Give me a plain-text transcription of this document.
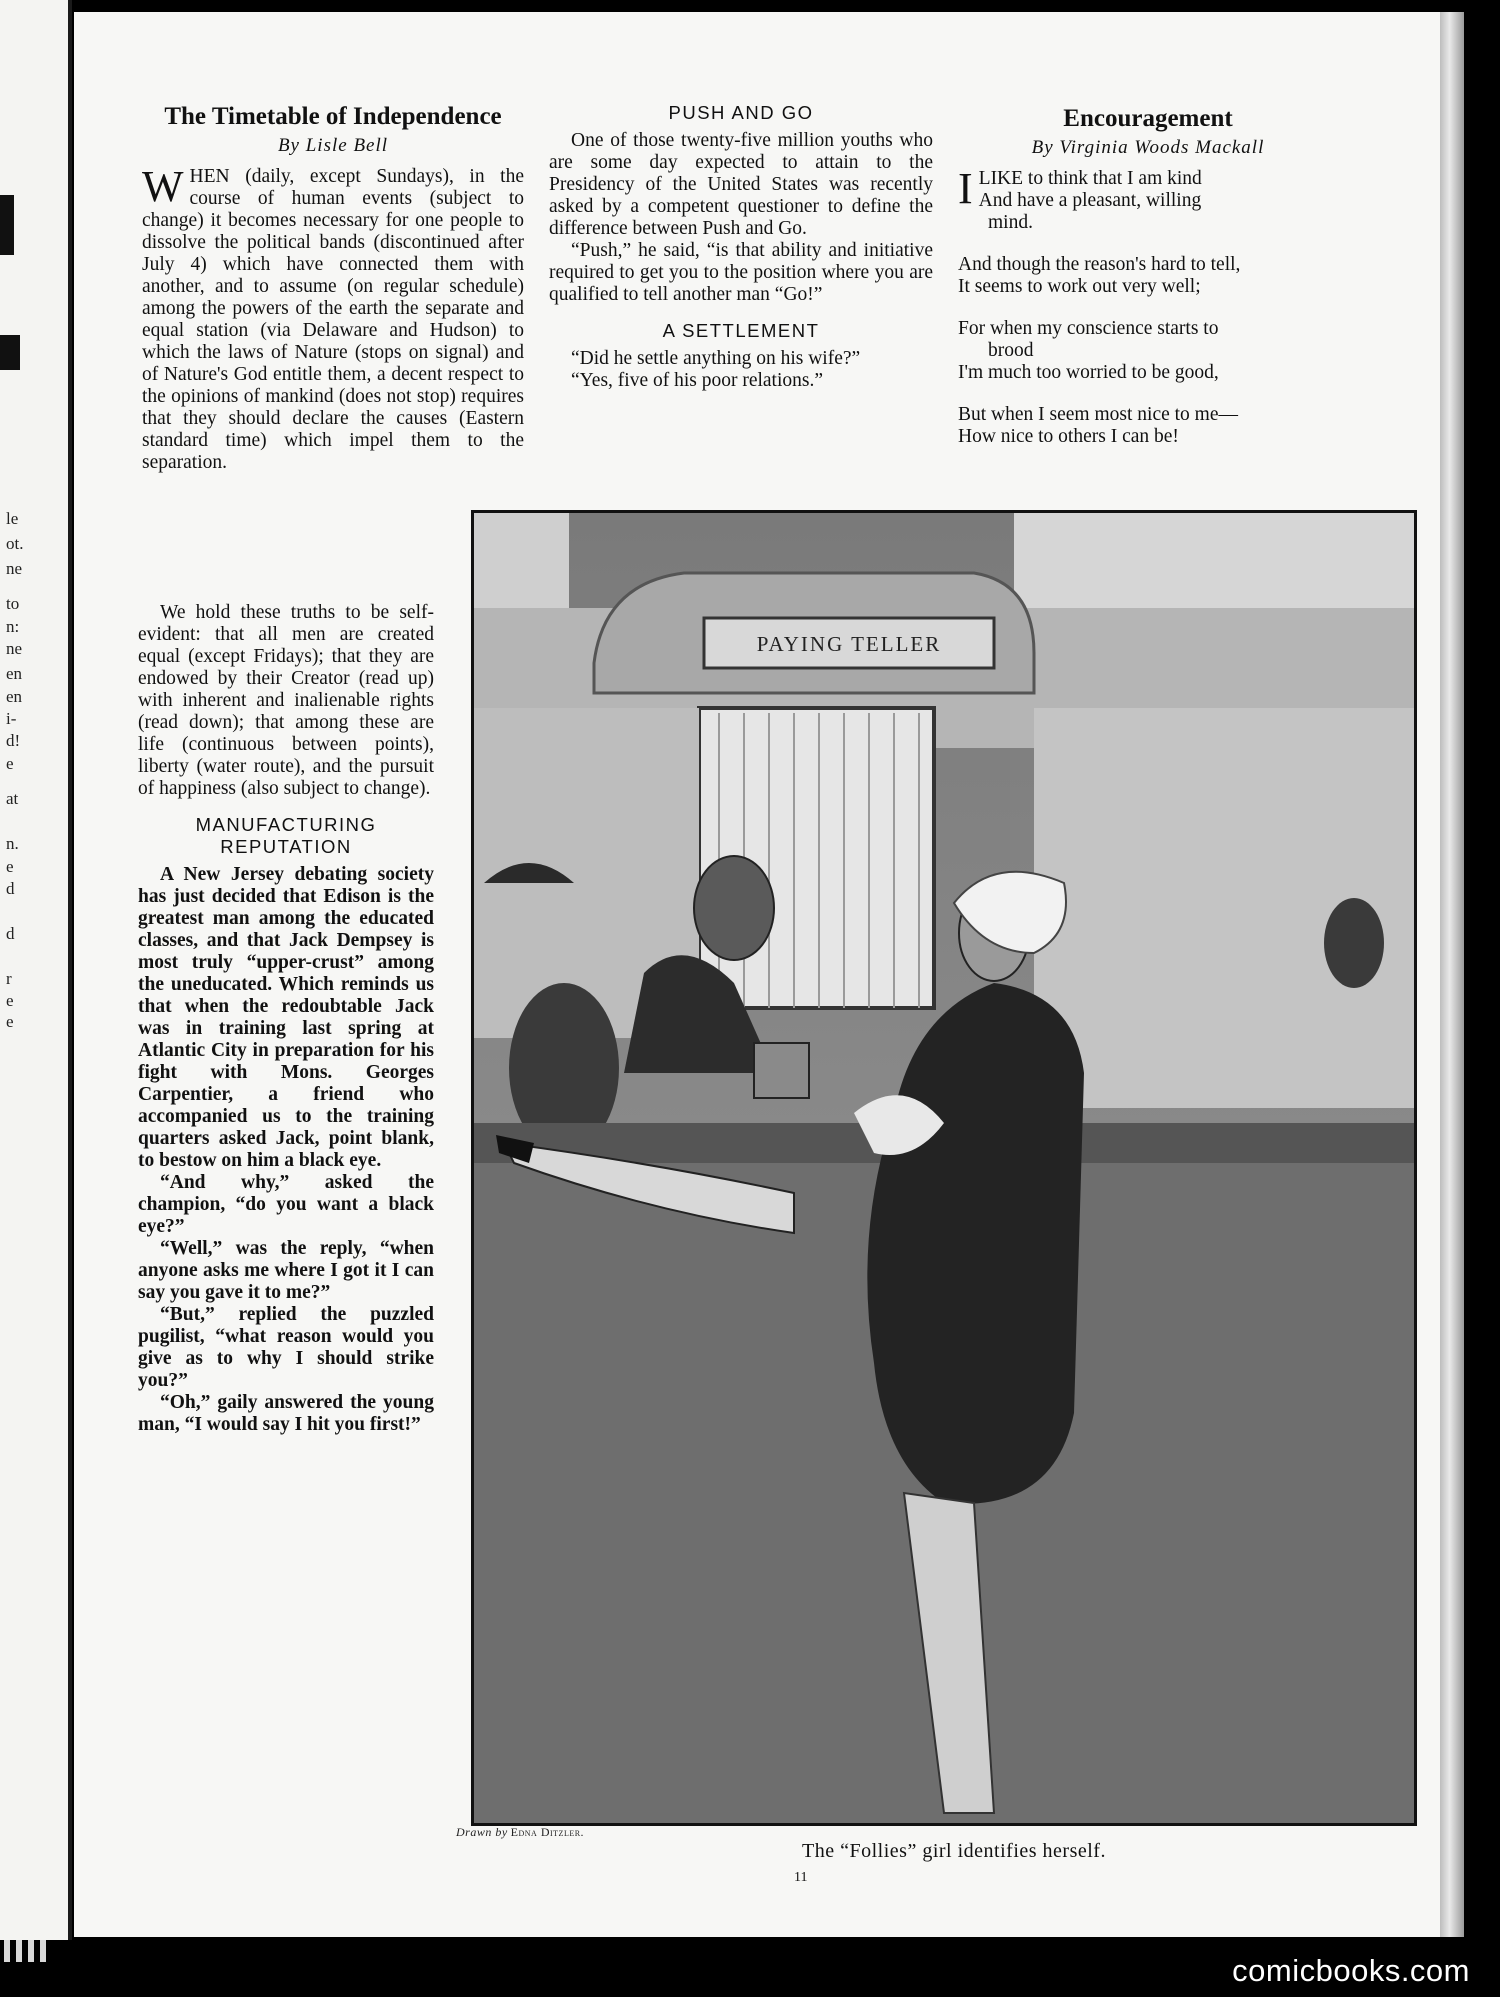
le
ot.
ne
to
n:
ne
en
en
i-
d!
e
at
n.
e
d
d
r
e
e
The Timetable of Independence
By Lisle Bell

WHEN (daily, except Sundays), in the course of human events (subject to change) it becomes necessary for one people to dissolve the political bands (discontinued after July 4) which have connected them with another, and to assume (on regular schedule) among the powers of the earth the separate and equal station (via Delaware and Hudson) to which the laws of Nature (stops on signal) and of Nature's God entitle them, a decent respect to the opinions of mankind (does not stop) requires that they should declare the causes (Eastern standard time) which impel them to the separation.

We hold these truths to be self-evident: that all men are created equal (except Fridays); that they are endowed by their Creator (read up) with inherent and inalienable rights (read down); that among these are life (continuous between points), liberty (water route), and the pursuit of happiness (also subject to change).

MANUFACTURING REPUTATION

A New Jersey debating society has just decided that Edison is the greatest man among the educated classes, and that Jack Dempsey is most truly “upper-crust” among the uneducated. Which reminds us that when the redoubtable Jack was in training last spring at Atlantic City in preparation for his fight with Mons. Georges Carpentier, a friend who accompanied us to the training quarters asked Jack, point blank, to bestow on him a black eye.

“And why,” asked the champion, “do you want a black eye?”

“Well,” was the reply, “when anyone asks me where I got it I can say you gave it to me?”

“But,” replied the puzzled pugilist, “what reason would you give as to why I should strike you?”

“Oh,” gaily answered the young man, “I would say I hit you first!”

PUSH AND GO

One of those twenty-five million youths who are some day expected to attain to the Presidency of the United States was recently asked by a competent questioner to define the difference between Push and Go.

“Push,” he said, “is that ability and initiative required to get you to the position where you are qualified to tell another man “Go!”

A SETTLEMENT

“Did he settle anything on his wife?”

“Yes, five of his poor relations.”

Encouragement
By Virginia Woods Mackall

ILIKE to think that I am kind
And have a pleasant, willing

mind.

And though the reason's hard to tell,
It seems to work out very well;

For when my conscience starts to

brood
I'm much too worried to be good,

But when I seem most nice to me—
How nice to others I can be!

PAYING TELLER
Drawn by Edna Ditzler.
The “Follies” girl identifies herself.
11
comicbooks.com
